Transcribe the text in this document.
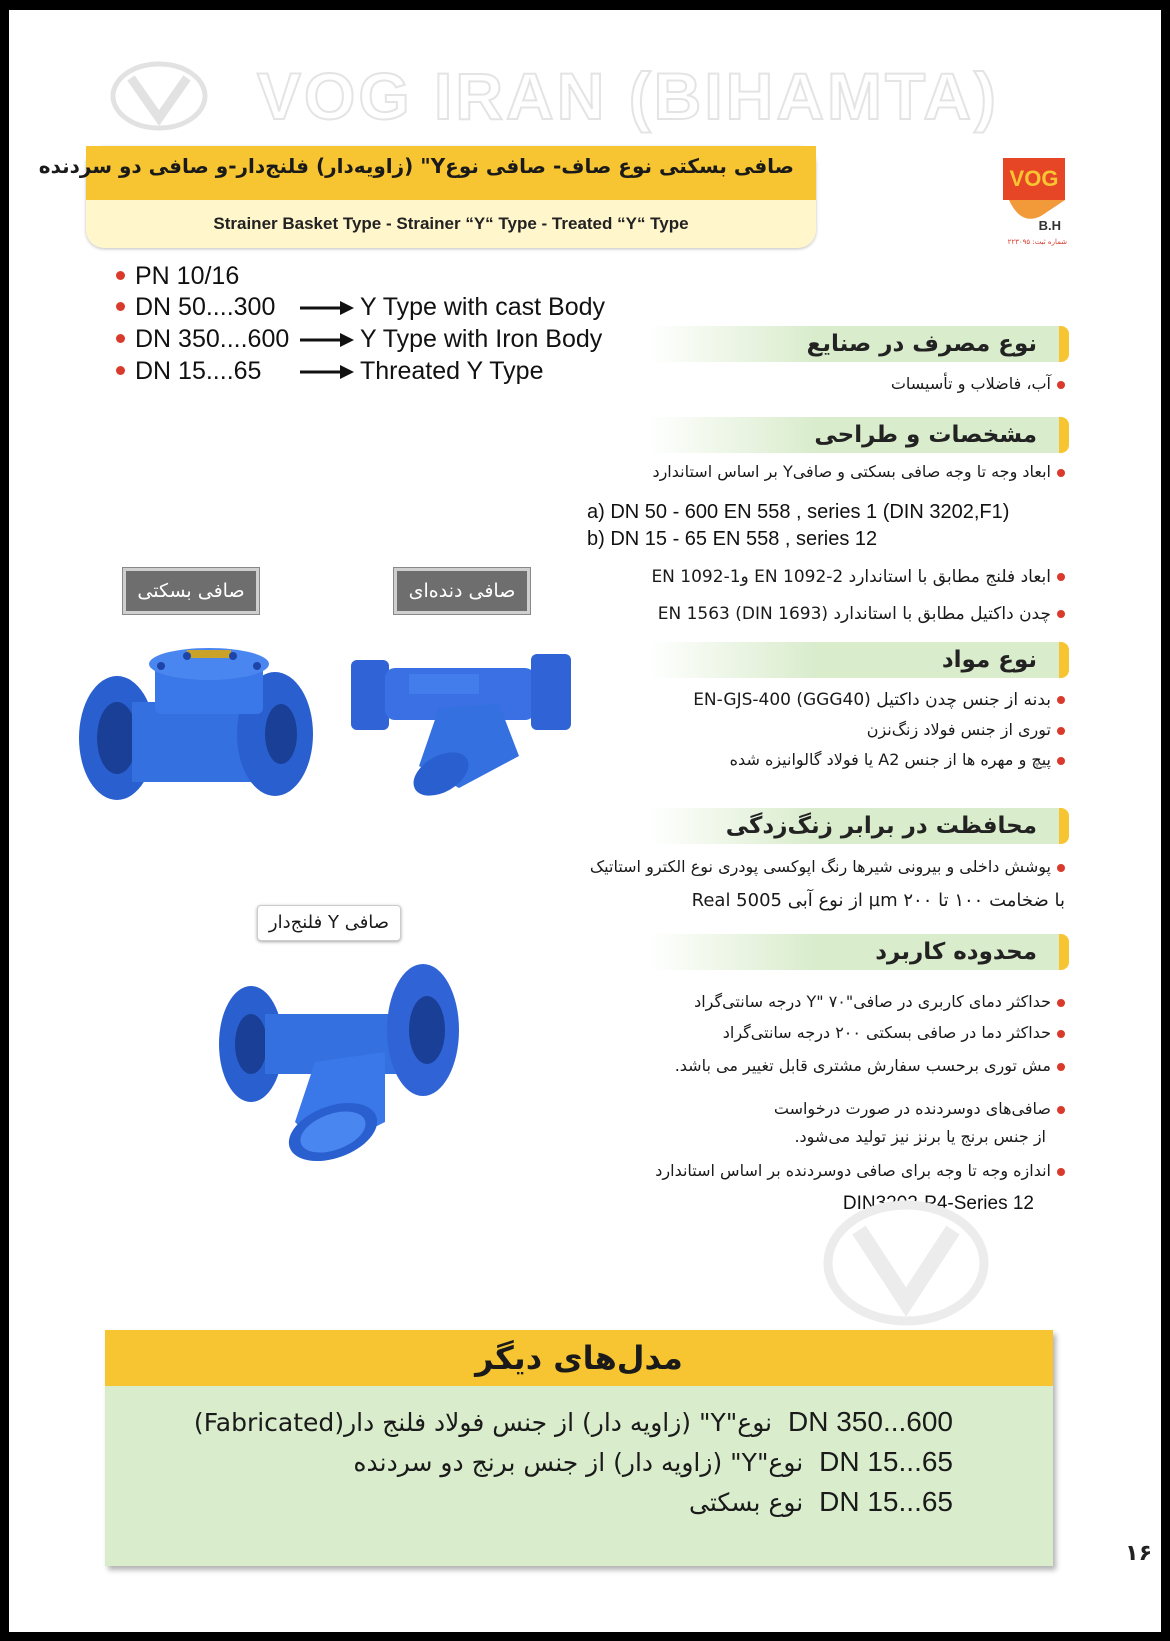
VOG IRAN (BIHAMTA)
صافی بسکتی نوع صاف- صافی نوعY" (زاویه‌دار) فلنج‌دار-و صافی دو سردنده
Strainer Basket Type - Strainer “Y“ Type - Treated “Y“ Type
VOG
B.H
شماره ثبت: ۲۲۳۰۹۵
PN 10/16
DN 50....300	Y Type with cast Body
DN 350....600	Y Type with Iron Body
DN 15....65	Threated Y Type
نوع مصرف در صنایع
آب، فاضلاب و تأسیسات
مشخصات و طراحی
ابعاد وجه تا وجه صافی بسکتی و صافیY بر اساس استاندارد
a) DN 50 - 600 EN 558 , series 1 (DIN 3202,F1)
b) DN 15 - 65 EN 558 , series 12
ابعاد فلنج مطابق با استاندارد EN 1092-2 وEN 1092-1
چدن داکتیل مطابق با استاندارد EN 1563 (DIN 1693)
نوع مواد
بدنه از جنس چدن داکتیل EN-GJS-400 (GGG40)
توری از جنس فولاد زنگ‌نزن
پیچ و مهره ها از جنس A2 یا فولاد گالوانیزه شده
محافظت در برابر زنگ‌زدگی
پوشش داخلی و بیرونی شیرها رنگ اپوکسی پودری نوع الکترو استاتیک
با ضخامت ۱۰۰ تا ۲۰۰ µm از نوع آبی Real 5005
محدوده کاربرد
حداکثر دمای کاربری در صافی"Y" ۷۰ درجه سانتی‌گراد
حداکثر دما در صافی بسکتی ۲۰۰ درجه سانتی‌گراد
مش توری برحسب سفارش مشتری قابل تغییر می باشد.
صافی‌های دوسردنده در صورت درخواست
از جنس برنج یا برنز نیز تولید می‌شود.
اندازه وجه تا وجه برای صافی دوسردنده بر اساس استاندارد
DIN3202-P4-Series 12
صافی بسکتی	صافی دنده‌ای
صافی Y فلنج‌دار
مدل‌های دیگر
DN 350...600  نوع"Y" (زاویه دار) از جنس فولاد فلنج دار(Fabricated)
DN 15...65  نوع"Y" (زاویه دار) از جنس برنج دو سردنده
DN 15...65  نوع بسکتی
۱۶
